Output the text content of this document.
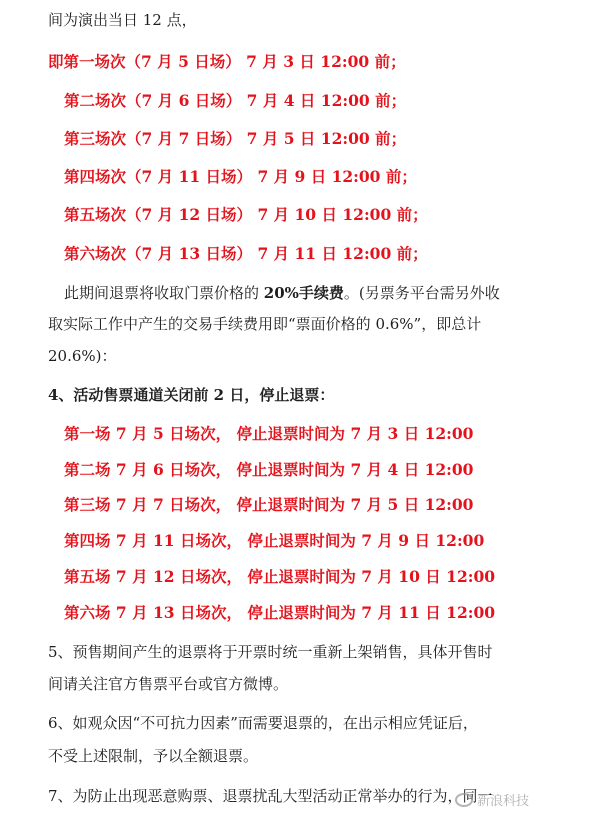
间为演出当日 12 点，
即第一场次（7 月 5 日场） 7 月 3 日 12:00 前；
第二场次（7 月 6 日场） 7 月 4 日 12:00 前；
第三场次（7 月 7 日场） 7 月 5 日 12:00 前；
第四场次（7 月 11 日场） 7 月 9 日 12:00 前；
第五场次（7 月 12 日场） 7 月 10 日 12:00 前；
第六场次（7 月 13 日场） 7 月 11 日 12:00 前；
此期间退票将收取门票价格的 20%手续费。(另票务平台需另外收
取实际工作中产生的交易手续费用即“票面价格的 0.6%”，即总计
20.6%)：
4、活动售票通道关闭前 2 日，停止退票：
第一场 7 月 5 日场次， 停止退票时间为 7 月 3 日 12:00
第二场 7 月 6 日场次， 停止退票时间为 7 月 4 日 12:00
第三场 7 月 7 日场次， 停止退票时间为 7 月 5 日 12:00
第四场 7 月 11 日场次， 停止退票时间为 7 月 9 日 12:00
第五场 7 月 12 日场次， 停止退票时间为 7 月 10 日 12:00
第六场 7 月 13 日场次， 停止退票时间为 7 月 11 日 12:00
5、预售期间产生的退票将于开票时统一重新上架销售，具体开售时
间请关注官方售票平台或官方微博。
6、如观众因“不可抗力因素”而需要退票的，在出示相应凭证后，
不受上述限制，予以全额退票。
7、为防止出现恶意购票、退票扰乱大型活动正常举办的行为，同一
新浪科技
